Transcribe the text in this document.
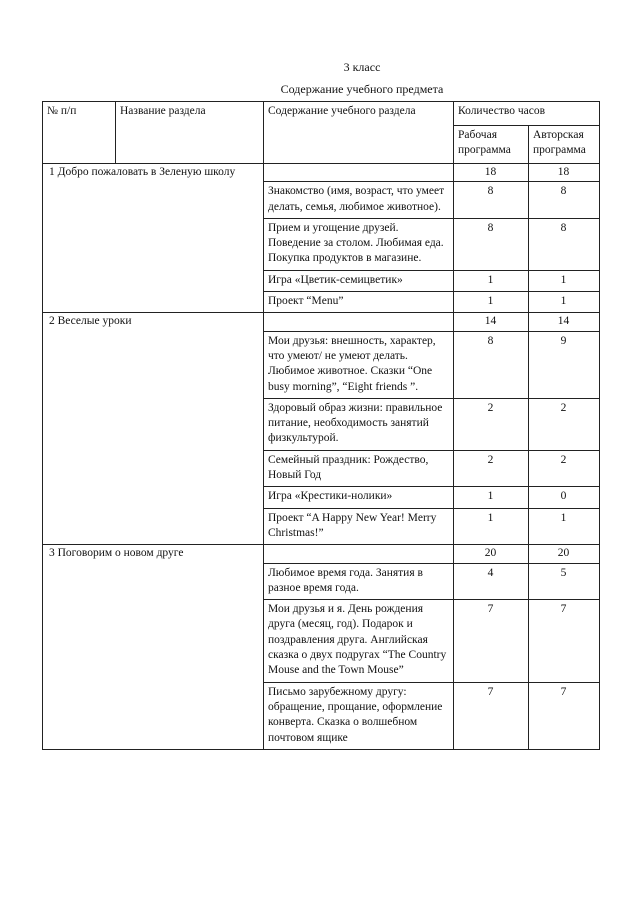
3 класс
Содержание учебного предмета
№ п/п	Название раздела	Содержание учебного раздела	Количество часов	
			Рабочая программа	Авторская программа
1 Добро пожаловать в Зеленую школу			18	18
		Знакомство (имя, возраст, что умеет делать, семья, любимое животное).	8	8
		Прием и угощение друзей. Поведение за столом. Любимая еда. Покупка продуктов в магазине.	8	8
		Игра «Цветик-семицветик»	1	1
		Проект “Menu”	1	1
2 Веселые уроки			14	14
		Мои друзья: внешность, характер, что умеют/ не умеют делать. Любимое животное. Сказки “One busy morning”, “Eight friends ”.	8	9
		Здоровый образ жизни: правильное питание, необходимость занятий физкультурой.	2	2
		Семейный праздник: Рождество, Новый Год	2	2
		Игра «Крестики-нолики»	1	0
		Проект “A Happy New Year! Merry Christmas!”	1	1
3 Поговорим о новом друге			20	20
		Любимое время года. Занятия в разное время года.	4	5
		Мои друзья и я. День рождения друга (месяц, год). Подарок и поздравления друга. Английская сказка о двух подругах “The Country Mouse and the Town Mouse”	7	7
		Письмо зарубежному другу: обращение, прощание, оформление конверта. Сказка о волшебном почтовом ящике	7	7
